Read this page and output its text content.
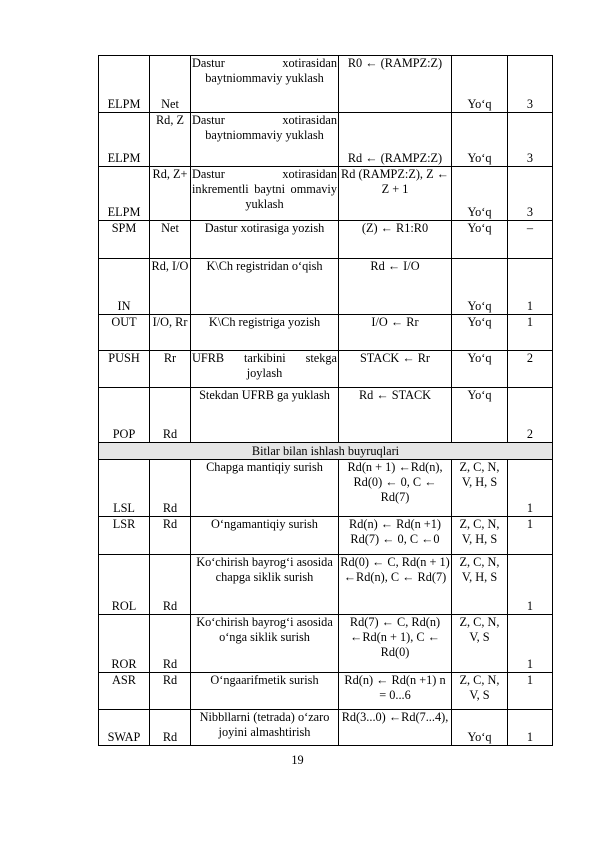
ELPM	Net	Dastur xotirasidan baytniommaviy yuklash	R0 ← (RAMPZ:Z)	Yo‘q	3
ELPM	Rd, Z	Dastur xotirasidan baytniommaviy yuklash	Rd ← (RAMPZ:Z)	Yo‘q	3
ELPM	Rd, Z+	Dastur xotirasidan inkrementli baytni ommaviy yuklash	Rd (RAMPZ:Z), Z ← Z + 1	Yo‘q	3
SPM	Net	Dastur xotirasiga yozish	(Z) ← R1:R0	Yo‘q	–
IN	Rd, I/O	K\Ch registridan o‘qish	Rd ← I/O	Yo‘q	1
OUT	I/O, Rr	K\Ch registriga yozish	I/O ← Rr	Yo‘q	1
PUSH	Rr	UFRB tarkibini stekga joylash	STACK ← Rr	Yo‘q	2
POP	Rd	Stekdan UFRB ga yuklash	Rd ← STACK	Yo‘q	2
Bitlar bilan ishlash buyruqlari					
LSL	Rd	Chapga mantiqiy surish	Rd(n + 1) ←Rd(n), Rd(0) ← 0, C ← Rd(7)	Z, C, N, V, H, S	1
LSR	Rd	O‘ngamantiqiy surish	Rd(n) ← Rd(n +1) Rd(7) ← 0, C ←0	Z, C, N, V, H, S	1
ROL	Rd	Ko‘chirish bayrog‘i asosida chapga siklik surish	Rd(0) ← C, Rd(n + 1) ←Rd(n), C ← Rd(7)	Z, C, N, V, H, S	1
ROR	Rd	Ko‘chirish bayrog‘i asosida o‘nga siklik surish	Rd(7) ← C, Rd(n) ←Rd(n + 1), C ← Rd(0)	Z, C, N, V, S	1
ASR	Rd	O‘ngaarifmetik surish	Rd(n) ← Rd(n +1) n = 0...6	Z, C, N, V, S	1
SWAP	Rd	Nibbllarni (tetrada) o‘zaro joyini almashtirish	Rd(3...0) ←Rd(7...4),	Yo‘q	1
19
